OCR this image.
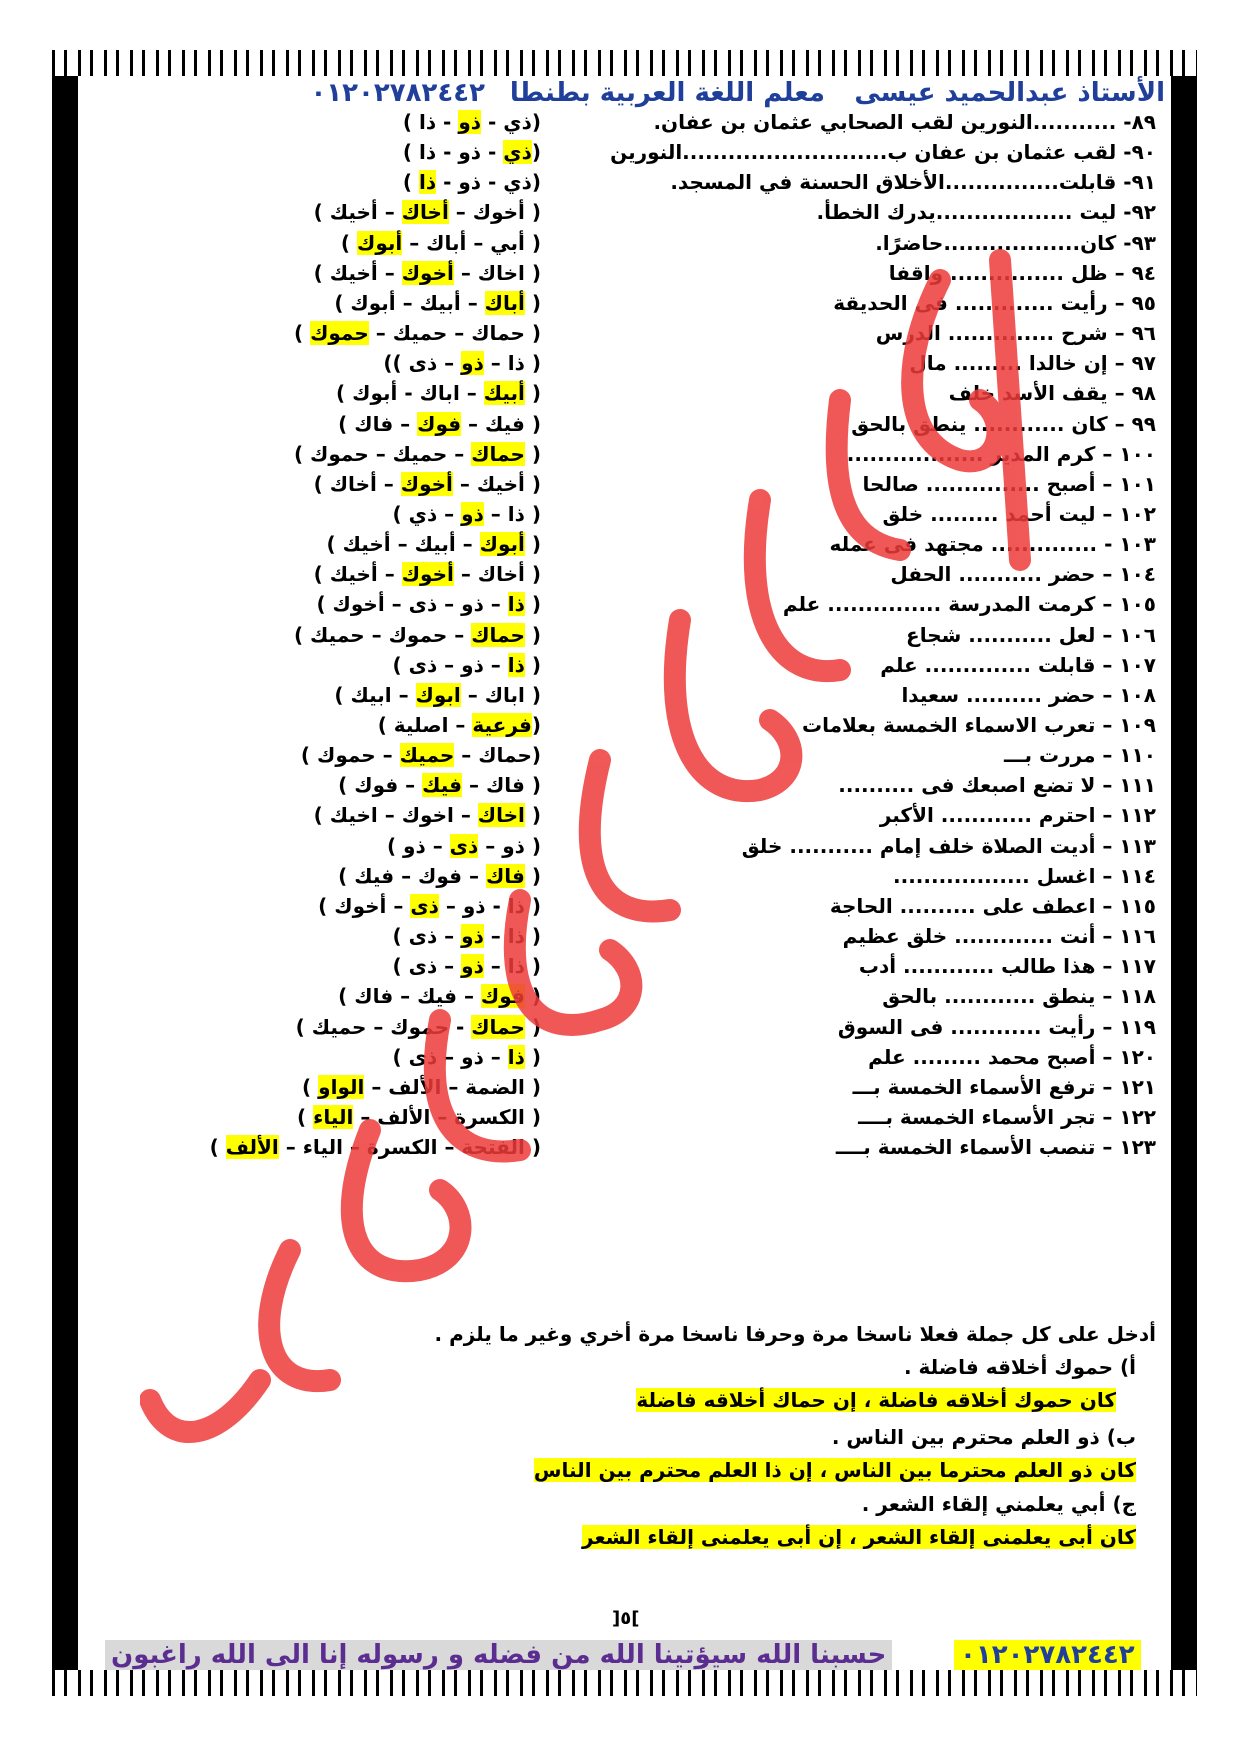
الأستاذ عبدالحميد عيسى
معلم اللغة العربية بطنطا
٠١٢٠٢٧٨٢٤٤٢
٨٩- ...........النورين لقب الصحابي عثمان بن عفان.
(ذي - ذو - ذا )
٩٠- لقب عثمان بن عفان ب...........................النورين
(ذي - ذو - ذا )
٩١- قابلت...............الأخلاق الحسنة في المسجد.
(ذي - ذو - ذا )
٩٢- ليت ..................يدرك الخطأ.
( أخوك – أخاك – أخيك )
٩٣- كان..................حاضرًا.
( أبي – أباك – أبوك )
٩٤ – ظل ............... واقفا
( اخاك – أخوك – أخيك )
٩٥ – رأيت ............. فى الحديقة
( أباك – أبيك – أبوك )
٩٦ – شرح .............. الدرس
( حماك – حميك – حموك )
٩٧ – إن خالدا ......... مال
( ذا – ذو – ذى ))
٩٨ – يقف الأسد خلف
( أبيك – اباك - أبوك )
٩٩ – كان ............ ينطق بالحق
( فيك – فوك – فاك )
١٠٠ – كرم المدير ..................
( حماك – حميك – حموك )
١٠١ – أصبح ............... صالحا
( أخيك – أخوك – أخاك )
١٠٢ – ليت أحمد ......... خلق
( ذا – ذو – ذي )
١٠٣ - .............. مجتهد فى عمله
( أبوك – أبيك – أخيك )
١٠٤ – حضر ........... الحفل
( أخاك – أخوك – أخيك )
١٠٥ – كرمت المدرسة ............... علم
( ذا – ذو – ذى – أخوك )
١٠٦ – لعل ........... شجاع
( حماك – حموك – حميك )
١٠٧ – قابلت .............. علم
( ذا – ذو – ذى )
١٠٨ – حضر .......... سعيدا
( اباك – ابوك – ابيك )
١٠٩ – تعرب الاسماء الخمسة بعلامات
(فرعية – اصلية )
١١٠ – مررت بـــ
(حماك – حميك – حموك )
١١١ – لا تضع اصبعك فى ..........
( فاك – فيك – فوك )
١١٢ – احترم ............ الأكبر
( اخاك – اخوك – اخيك )
١١٣ – أديت الصلاة خلف إمام ........... خلق
( ذو – ذى – ذو )
١١٤ – اغسل ..................
( فاك – فوك – فيك )
١١٥ – اعطف على .......... الحاجة
( ذا - ذو – ذى – أخوك )
١١٦ – أنت ............. خلق عظيم
( ذا – ذو – ذى )
١١٧ – هذا طالب ............ أدب
( ذا – ذو – ذى )
١١٨ – ينطق ............ بالحق
( فوك – فيك – فاك )
١١٩ – رأيت ............ فى السوق
( حماك - حموك – حميك )
١٢٠ – أصبح محمد ......... علم
( ذا – ذو – ذى )
١٢١ – ترفع الأسماء الخمسة بـــ
( الضمة – الألف – الواو )
١٢٢ – تجر الأسماء الخمسة بــــ
( الكسرة – الألف – الياء )
١٢٣ – تنصب الأسماء الخمسة بــــ
( الفتحة – الكسرة – الياء – الألف )
أدخل على كل جملة فعلا ناسخا مرة وحرفا ناسخا مرة أخري وغير ما يلزم .
أ) حموك أخلاقه فاضلة .
كان حموك أخلاقه فاضلة ، إن حماك أخلاقه فاضلة
ب) ذو العلم محترم بين الناس .
كان ذو العلم محترما بين الناس ، إن ذا العلم محترم بين الناس
ج) أبي يعلمني إلقاء الشعر .
كان أبى يعلمنى إلقاء الشعر ، إن أبى يعلمنى إلقاء الشعر
]٥[
٠١٢٠٢٧٨٢٤٤٢
حسبنا الله سيؤتينا الله من فضله و رسوله إنا الى الله راغبون
